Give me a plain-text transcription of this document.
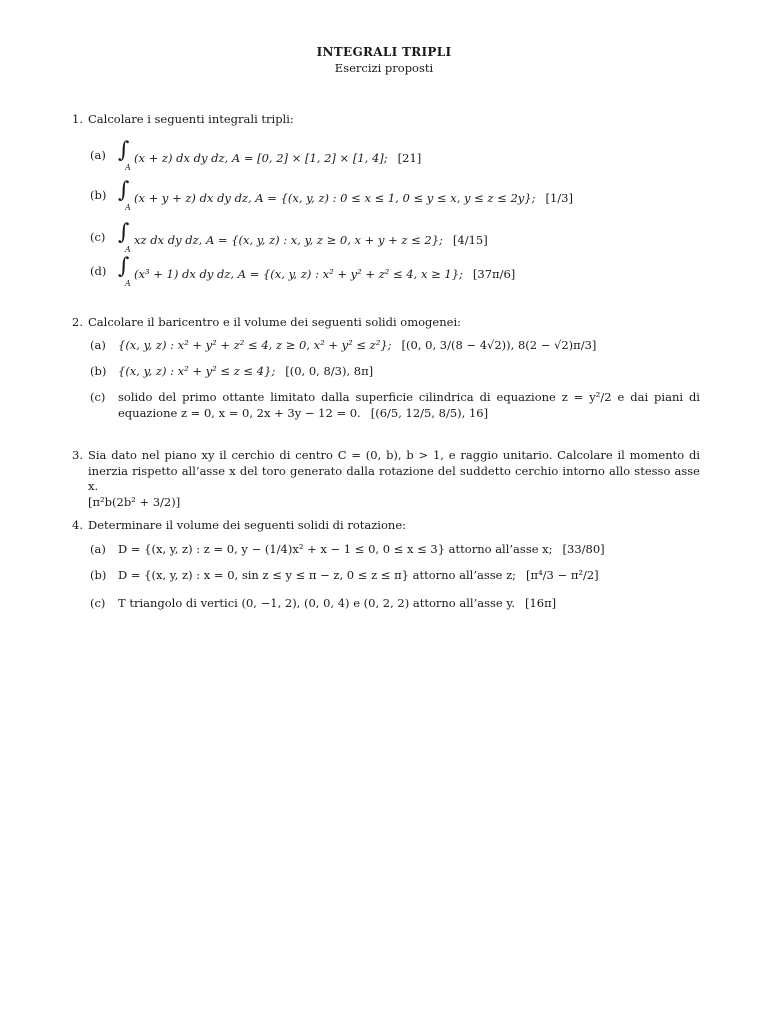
INTEGRALI TRIPLI
Esercizi proposti
1. Calcolare i seguenti integrali tripli:
(a) ∫
A
(x + z) dx dy dz, A = [0, 2] × [1, 2] × [1, 4]; [21]
(b) ∫
A
(x + y + z) dx dy dz, A = {(x, y, z) : 0 ≤ x ≤ 1, 0 ≤ y ≤ x, y ≤ z ≤ 2y}; [1/3]
(c) ∫
A
xz dx dy dz, A = {(x, y, z) : x, y, z ≥ 0, x + y + z ≤ 2}; [4/15]
(d) ∫
A
(x³ + 1) dx dy dz, A = {(x, y, z) : x² + y² + z² ≤ 4, x ≥ 1}; [37π/6]
2. Calcolare il baricentro e il volume dei seguenti solidi omogenei:
(a) {(x, y, z) : x² + y² + z² ≤ 4, z ≥ 0, x² + y² ≤ z²}; [(0, 0, 3/(8 − 4√2)), 8(2 − √2)π/3]
(b) {(x, y, z) : x² + y² ≤ z ≤ 4}; [(0, 0, 8/3), 8π]
(c) solido del primo ottante limitato dalla superficie cilindrica di equazione z = y²/2 e dai piani di equazione z = 0, x = 0, 2x + 3y − 12 = 0. [(6/5, 12/5, 8/5), 16]
3. Sia dato nel piano xy il cerchio di centro C = (0, b), b > 1, e raggio unitario. Calcolare il momento di inerzia rispetto all’asse x del toro generato dalla rotazione del suddetto cerchio intorno allo stesso asse x.
[π²b(2b² + 3/2)]
4. Determinare il volume dei seguenti solidi di rotazione:
(a) D = {(x, y, z) : z = 0, y − (1/4)x² + x − 1 ≤ 0, 0 ≤ x ≤ 3} attorno all’asse x; [33/80]
(b) D = {(x, y, z) : x = 0, sin z ≤ y ≤ π − z, 0 ≤ z ≤ π} attorno all’asse z; [π⁴/3 − π²/2]
(c) T triangolo di vertici (0, −1, 2), (0, 0, 4) e (0, 2, 2) attorno all’asse y. [16π]
